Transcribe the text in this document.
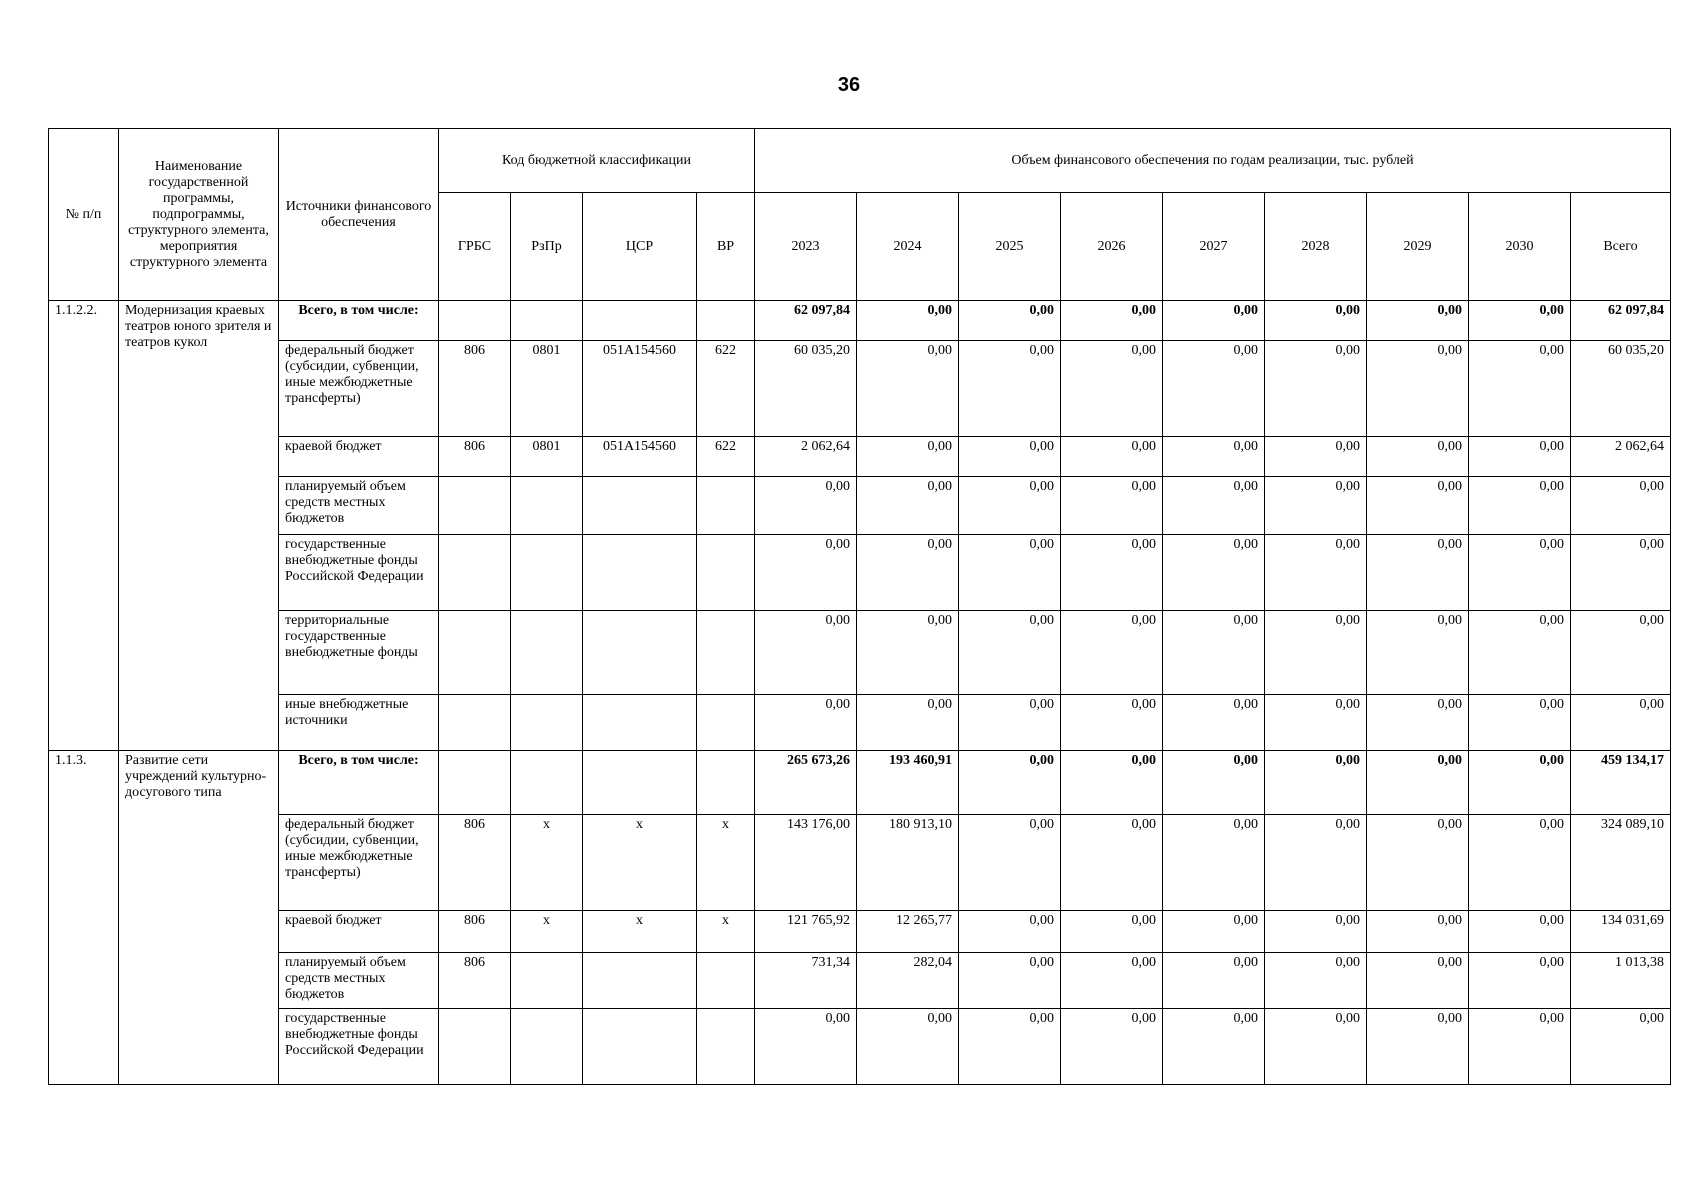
36
№ п/п	Наименование государственной программы, подпрограммы, структурного элемента, мероприятия структурного элемента	Источники финансового обеспечения	Код бюджетной классификации				Объем финансового обеспечения по годам реализации, тыс. рублей								
			ГРБС	РзПр	ЦСР	ВР	2023	2024	2025	2026	2027	2028	2029	2030	Всего
1.1.2.2.	Модернизация краевых театров юного зрителя и театров кукол	Всего, в том числе:					62 097,84	0,00	0,00	0,00	0,00	0,00	0,00	0,00	62 097,84
		федеральный бюджет (субсидии, субвенции, иные межбюджетные трансферты)	806	0801	051A154560	622	60 035,20	0,00	0,00	0,00	0,00	0,00	0,00	0,00	60 035,20
		краевой бюджет	806	0801	051A154560	622	2 062,64	0,00	0,00	0,00	0,00	0,00	0,00	0,00	2 062,64
		планируемый объем средств местных бюджетов					0,00	0,00	0,00	0,00	0,00	0,00	0,00	0,00	0,00
		государственные внебюджетные фонды Российской Федерации					0,00	0,00	0,00	0,00	0,00	0,00	0,00	0,00	0,00
		территориальные государственные внебюджетные фонды					0,00	0,00	0,00	0,00	0,00	0,00	0,00	0,00	0,00
		иные внебюджетные источники					0,00	0,00	0,00	0,00	0,00	0,00	0,00	0,00	0,00
1.1.3.	Развитие сети учреждений культурно-досугового типа	Всего, в том числе:					265 673,26	193 460,91	0,00	0,00	0,00	0,00	0,00	0,00	459 134,17
		федеральный бюджет (субсидии, субвенции, иные межбюджетные трансферты)	806	x	x	x	143 176,00	180 913,10	0,00	0,00	0,00	0,00	0,00	0,00	324 089,10
		краевой бюджет	806	x	x	x	121 765,92	12 265,77	0,00	0,00	0,00	0,00	0,00	0,00	134 031,69
		планируемый объем средств местных бюджетов	806				731,34	282,04	0,00	0,00	0,00	0,00	0,00	0,00	1 013,38
		государственные внебюджетные фонды Российской Федерации					0,00	0,00	0,00	0,00	0,00	0,00	0,00	0,00	0,00
